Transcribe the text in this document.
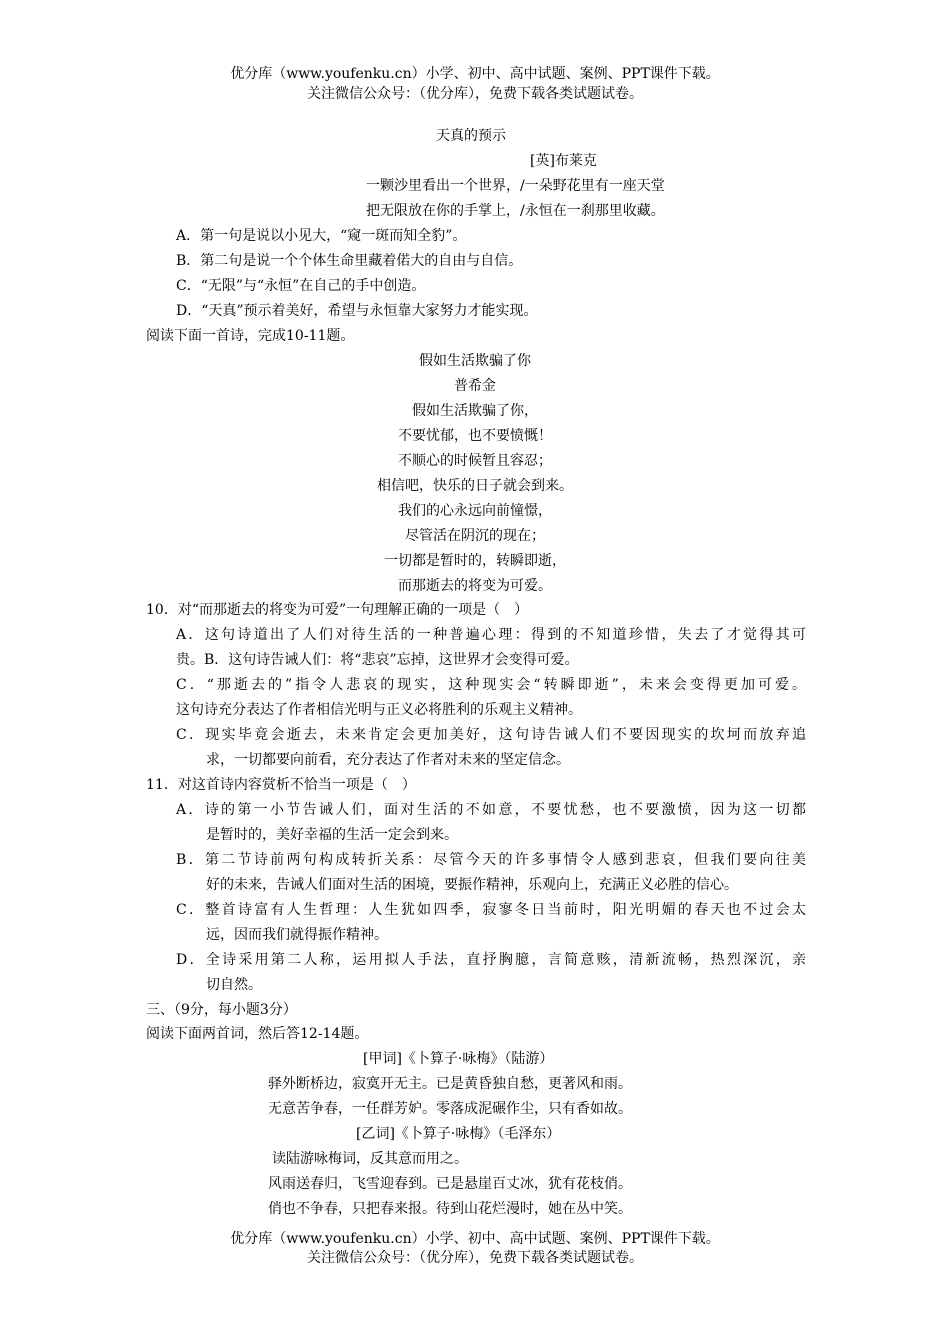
优分库（www.youfenku.cn）小学、初中、高中试题、案例、PPT课件下载。
关注微信公众号：（优分库），免费下载各类试题试卷。
天真的预示
[英]布莱克
一颗沙里看出一个世界，/一朵野花里有一座天堂
把无限放在你的手掌上，/永恒在一刹那里收藏。
A．第一句是说以小见大，“窥一斑而知全豹”。
B．第二句是说一个个体生命里藏着偌大的自由与自信。
C．“无限”与“永恒”在自己的手中创造。
D．“天真”预示着美好，希望与永恒靠大家努力才能实现。
阅读下面一首诗，完成10-11题。
假如生活欺骗了你
普希金
假如生活欺骗了你，
不要忧郁，也不要愤慨！
不顺心的时候暂且容忍；
相信吧，快乐的日子就会到来。
我们的心永远向前憧憬，
尽管活在阴沉的现在；
一切都是暂时的，转瞬即逝，
而那逝去的将变为可爱。
10．对“而那逝去的将变为可爱”一句理解正确的一项是（　）
A．这句诗道出了人们对待生活的一种普遍心理：得到的不知道珍惜，失去了才觉得其可
贵。B．这句诗告诫人们：将“悲哀”忘掉，这世界才会变得可爱。
C．“那逝去的”指令人悲哀的现实，这种现实会“转瞬即逝”，未来会变得更加可爱。
这句诗充分表达了作者相信光明与正义必将胜利的乐观主义精神。
C．现实毕竟会逝去，未来肯定会更加美好，这句诗告诫人们不要因现实的坎坷而放弃追
求，一切都要向前看，充分表达了作者对未来的坚定信念。
11．对这首诗内容赏析不恰当一项是（　）
A．诗的第一小节告诫人们，面对生活的不如意，不要忧愁，也不要激愤，因为这一切都
是暂时的，美好幸福的生活一定会到来。
B．第二节诗前两句构成转折关系：尽管今天的许多事情令人感到悲哀，但我们要向往美
好的未来，告诫人们面对生活的困境，要振作精神，乐观向上，充满正义必胜的信心。
C．整首诗富有人生哲理：人生犹如四季，寂寥冬日当前时，阳光明媚的春天也不过会太
远，因而我们就得振作精神。
D．全诗采用第二人称，运用拟人手法，直抒胸臆，言简意赅，清新流畅，热烈深沉，亲
切自然。
三、（9分，每小题3分）
阅读下面两首词，然后答12-14题。
[甲词]《卜算子·咏梅》（陆游）
驿外断桥边，寂寞开无主。已是黄昏独自愁，更著风和雨。
无意苦争春，一任群芳妒。零落成泥碾作尘，只有香如故。
[乙词]《卜算子·咏梅》（毛泽东）
读陆游咏梅词，反其意而用之。
风雨送春归，飞雪迎春到。已是悬崖百丈冰，犹有花枝俏。
俏也不争春，只把春来报。待到山花烂漫时，她在丛中笑。
优分库（www.youfenku.cn）小学、初中、高中试题、案例、PPT课件下载。
关注微信公众号：（优分库），免费下载各类试题试卷。
